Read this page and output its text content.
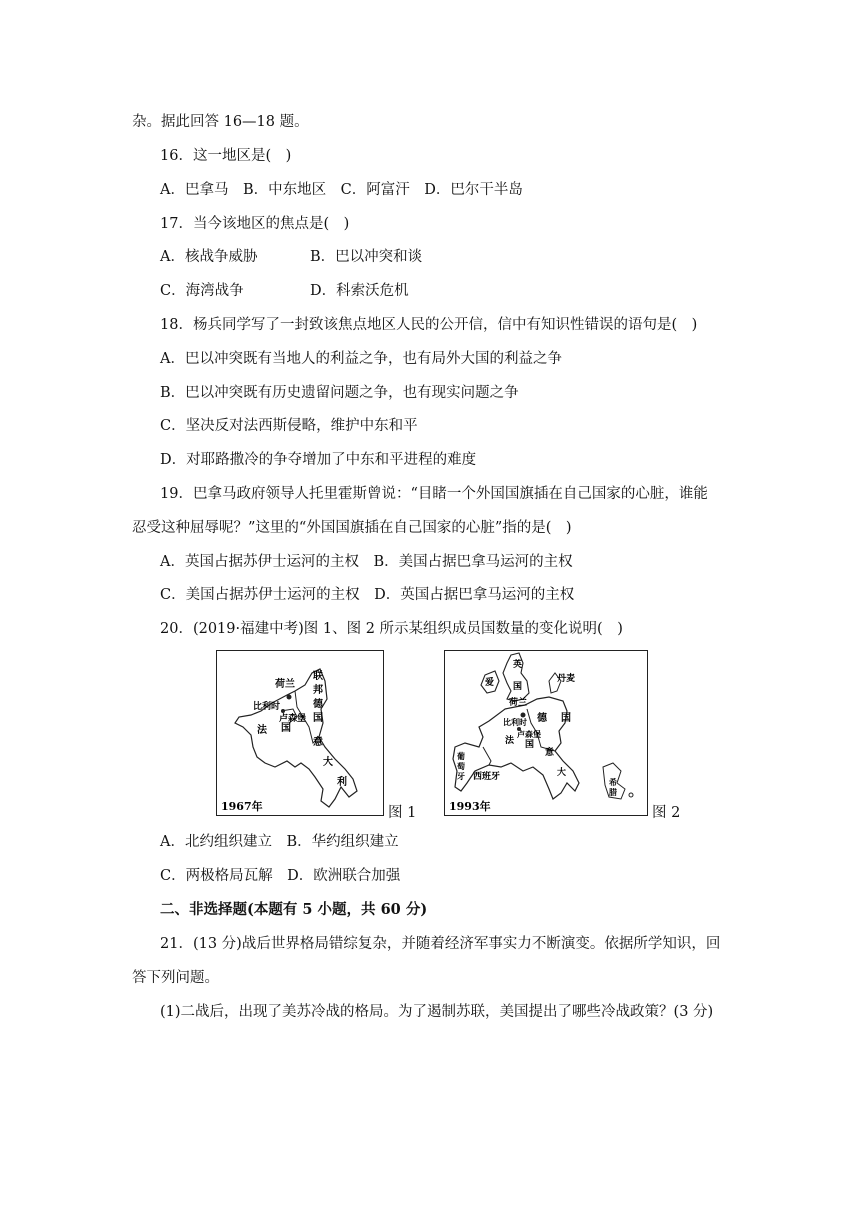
杂。据此回答 16—18 题。
16．这一地区是(　)
A．巴拿马　B．中东地区　C．阿富汗　D．巴尔干半岛
17．当今该地区的焦点是(　)
A．核战争威胁	B．巴以冲突和谈
C．海湾战争	D．科索沃危机
18．杨兵同学写了一封致该焦点地区人民的公开信，信中有知识性错误的语句是(　)
A．巴以冲突既有当地人的利益之争，也有局外大国的利益之争
B．巴以冲突既有历史遗留问题之争，也有现实问题之争
C．坚决反对法西斯侵略，维护中东和平
D．对耶路撒冷的争夺增加了中东和平进程的难度
19．巴拿马政府领导人托里霍斯曾说：“目睹一个外国国旗插在自己国家的心脏，谁能
忍受这种屈辱呢？”这里的“外国国旗插在自己国家的心脏”指的是(　)
A．英国占据苏伊士运河的主权　B．美国占据巴拿马运河的主权
C．美国占据苏伊士运河的主权　D．英国占据巴拿马运河的主权
20．(2019·福建中考)图 1、图 2 所示某组织成员国数量的变化说明(　)
荷兰
联
邦
德
国
比利时
卢森堡
法 国
意
大
利
1967年	图 1
英
国
爱	丹麦
荷兰
德 国
比利时
卢森堡
法 国
意
大
葡
萄
牙 西班牙	希
腊
1993年	图 2
A．北约组织建立　B．华约组织建立
C．两极格局瓦解　D．欧洲联合加强
二、非选择题(本题有 5 小题，共 60 分)
21．(13 分)战后世界格局错综复杂，并随着经济军事实力不断演变。依据所学知识，回
答下列问题。
(1)二战后，出现了美苏冷战的格局。为了遏制苏联，美国提出了哪些冷战政策？(3 分)
